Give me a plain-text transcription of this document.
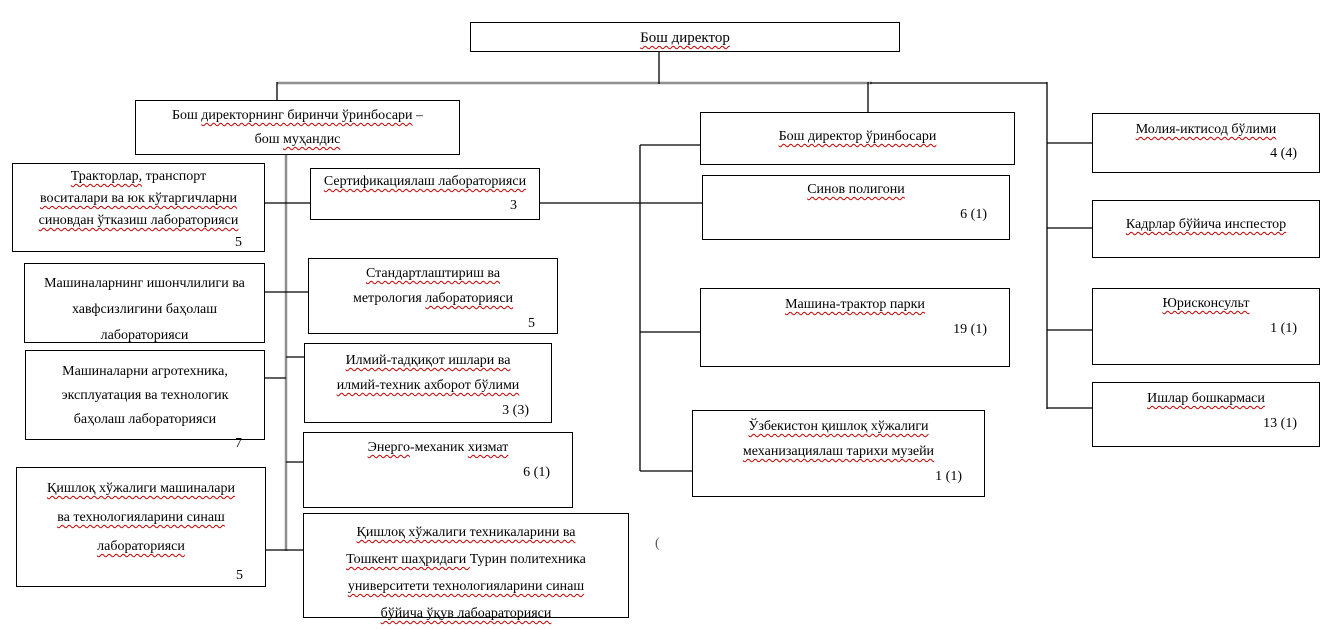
Бош директор
Бош директорнинг биринчи ўринбосари –
бош муҳандис
Тракторлар, транспорт
воситалари ва юк кўтаргичларни
синовдан ўтказиш лабораторияси
5
Машиналарнинг ишончлилиги ва
хавфсизлигини баҳолаш
лабораторияси
Машиналарни агротехника,
эксплуатация ва технологик
баҳолаш лабораторияси
7
Қишлоқ хўжалиги машиналари
ва технологияларини синаш
лабораторияси
5
Сертификациялаш лабораторияси
3
Стандартлаштириш ва
метрология лабораторияси
5
Илмий-тадқиқот ишлари ва
илмий-техник ахборот бўлими
3 (3)
Энерго-механик хизмат
6 (1)
Қишлоқ хўжалиги техникаларини ва
Тошкент шаҳридаги Турин политехника
университети технологияларини синаш
бўйича ўқув лабоараторияси
Бош директор ўринбосари
Синов полигони
6 (1)
Машина-трактор парки
19 (1)
Ўзбекистон қишлоқ хўжалиги
механизациялаш тарихи музейи
1 (1)
Молия-иктисод бўлими
4 (4)
Кадрлар бўйича инспестор
Юрисконсульт
1 (1)
Ишлар бошкармаси
13 (1)
(
